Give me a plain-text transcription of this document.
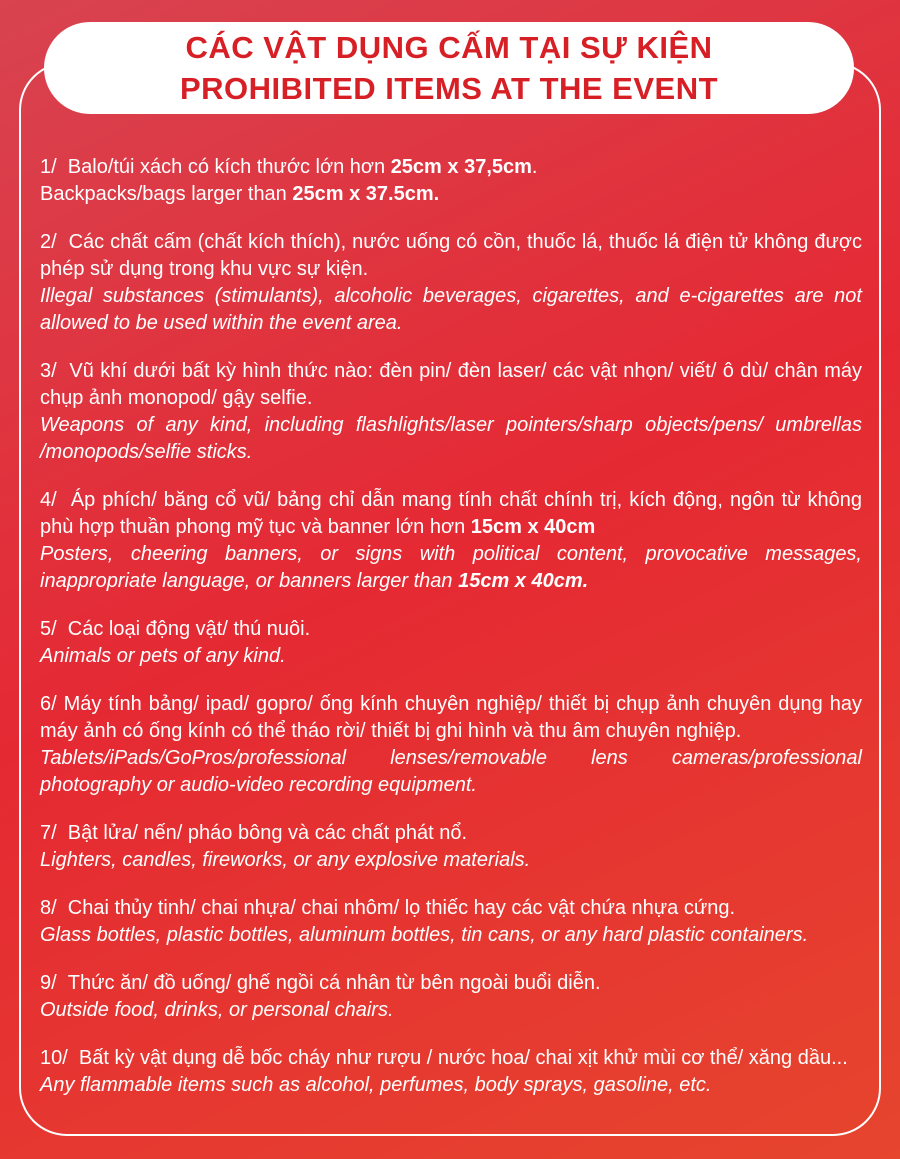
CÁC VẬT DỤNG CẤM TẠI SỰ KIỆN
PROHIBITED ITEMS AT THE EVENT

1/  Balo/túi xách có kích thước lớn hơn 25cm x 37,5cm.

Backpacks/bags larger than 25cm x 37.5cm.

2/  Các chất cấm (chất kích thích), nước uống có cồn, thuốc lá, thuốc lá điện tử không được phép sử dụng trong khu vực sự kiện.

Illegal substances (stimulants), alcoholic beverages, cigarettes, and e-cigarettes are not allowed to be used within the event area.

3/  Vũ khí dưới bất kỳ hình thức nào: đèn pin/ đèn laser/ các vật nhọn/ viết/ ô dù/ chân máy chụp ảnh monopod/ gậy selfie.

Weapons of any kind, including flashlights/laser pointers/sharp objects/pens/ umbrellas /monopods/selfie sticks.

4/  Áp phích/ băng cổ vũ/ bảng chỉ dẫn mang tính chất chính trị, kích động, ngôn từ không phù hợp thuần phong mỹ tục và banner lớn hơn 15cm x 40cm

Posters, cheering banners, or signs with political content, provocative messages, inappropriate language, or banners larger than 15cm x 40cm.

5/  Các loại động vật/ thú nuôi.

Animals or pets of any kind.

6/ Máy tính bảng/ ipad/ gopro/ ống kính chuyên nghiệp/ thiết bị chụp ảnh chuyên dụng hay máy ảnh có ống kính có thể tháo rời/ thiết bị ghi hình và thu âm chuyên nghiệp.

Tablets/iPads/GoPros/professional lenses/removable lens cameras/professional photography or audio-video recording equipment.

7/  Bật lửa/ nến/ pháo bông và các chất phát nổ.

Lighters, candles, fireworks, or any explosive materials.

8/  Chai thủy tinh/ chai nhựa/ chai nhôm/ lọ thiếc hay các vật chứa nhựa cứng.

Glass bottles, plastic bottles, aluminum bottles, tin cans, or any hard plastic containers.

9/  Thức ăn/ đồ uống/ ghế ngồi cá nhân từ bên ngoài buổi diễn.

Outside food, drinks, or personal chairs.

10/  Bất kỳ vật dụng dễ bốc cháy như rượu / nước hoa/ chai xịt khử mùi cơ thể/ xăng dầu...

Any flammable items such as alcohol, perfumes, body sprays, gasoline, etc.
